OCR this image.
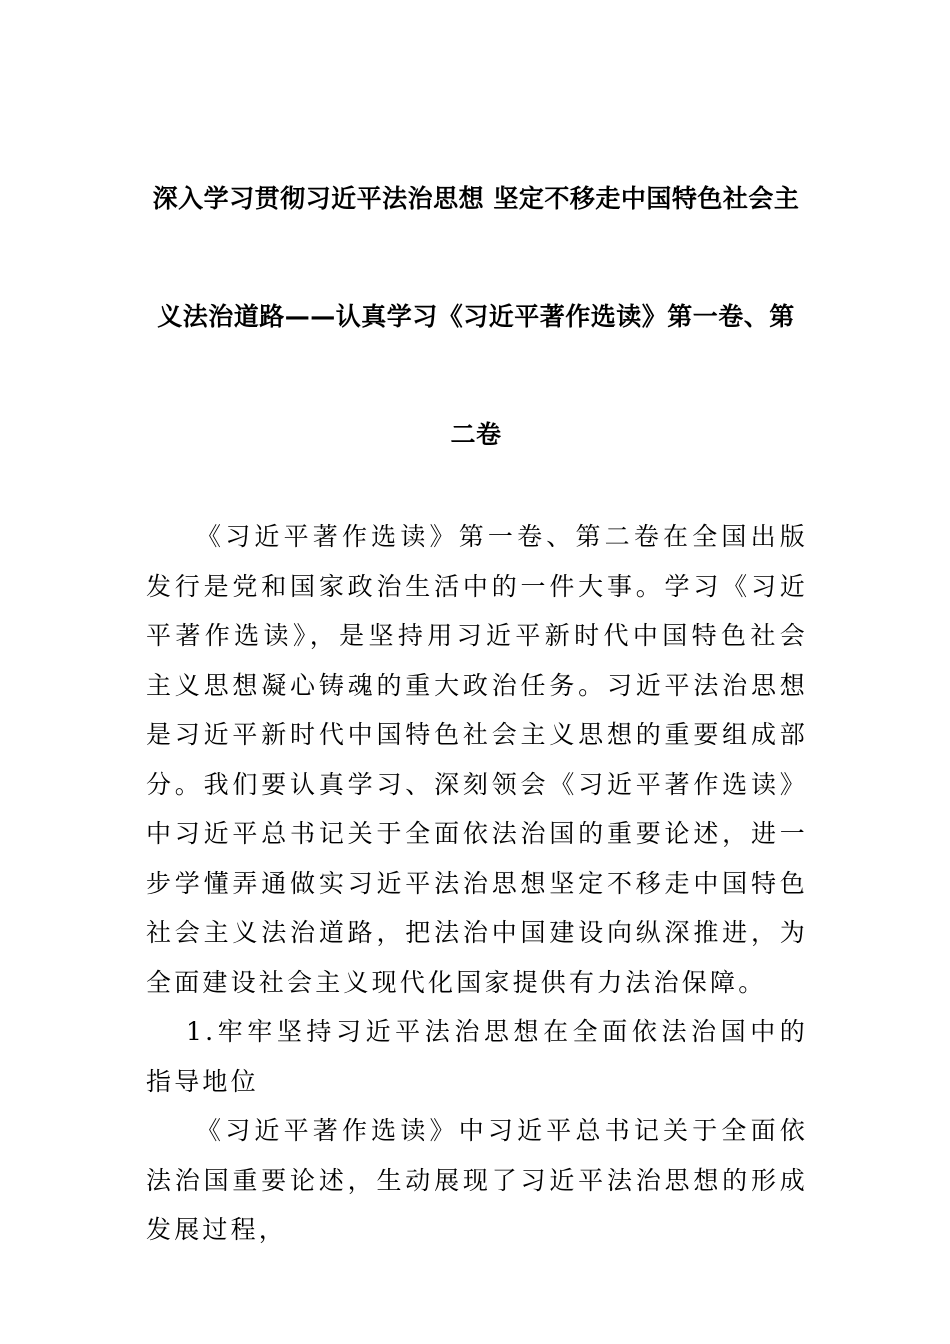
深入学习贯彻习近平法治思想 坚定不移走中国特色社会主义法治道路——认真学习《习近平著作选读》第一卷、第二卷

《习近平著作选读》第一卷、第二卷在全国出版发行是党和国家政治生活中的一件大事。学习《习近平著作选读》，是坚持用习近平新时代中国特色社会主义思想凝心铸魂的重大政治任务。习近平法治思想是习近平新时代中国特色社会主义思想的重要组成部分。我们要认真学习、深刻领会《习近平著作选读》中习近平总书记关于全面依法治国的重要论述，进一步学懂弄通做实习近平法治思想坚定不移走中国特色社会主义法治道路，把法治中国建设向纵深推进，为全面建设社会主义现代化国家提供有力法治保障。

1.牢牢坚持习近平法治思想在全面依法治国中的指导地位

《习近平著作选读》中习近平总书记关于全面依法治国重要论述，生动展现了习近平法治思想的形成发展过程，
